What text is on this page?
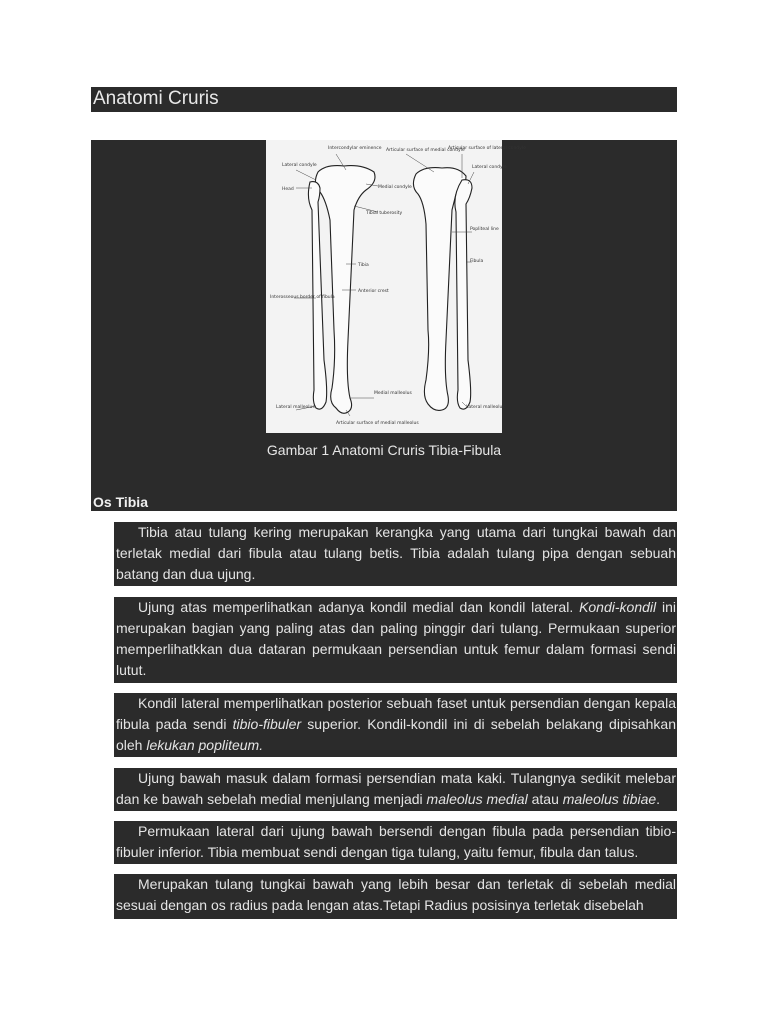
Anatomi Cruris
Intercondylar eminence Articular surface of medial condyle
Articular surface of lateral condyle
Lateral condyle	Lateral condyle
Head	Medial condyle
Tibial tuberosity
Popliteal line
Tibia
Fibula
Anterior crest
Interosseous border of fibula
Medial malleolus
Lateral malleolus	Lateral malleolus
Articular surface of medial malleolus
Gambar 1 Anatomi Cruris Tibia-Fibula
Os Tibia
Tibia atau tulang kering merupakan kerangka yang utama dari tungkai bawah dan terletak medial dari fibula atau tulang betis. Tibia adalah tulang pipa dengan sebuah batang dan dua ujung.
Ujung atas memperlihatkan adanya kondil medial dan kondil lateral. Kondi-kondil ini merupakan bagian yang paling atas dan paling pinggir dari tulang. Permukaan superior memperlihatkkan dua dataran permukaan persendian untuk femur dalam formasi sendi lutut.
Kondil lateral memperlihatkan posterior sebuah faset untuk persendian dengan kepala fibula pada sendi tibio-fibuler superior. Kondil-kondil ini di sebelah belakang dipisahkan oleh lekukan popliteum.
Ujung bawah masuk dalam formasi persendian mata kaki. Tulangnya sedikit melebar dan ke bawah sebelah medial menjulang menjadi maleolus medial atau maleolus tibiae.
Permukaan lateral dari ujung bawah bersendi dengan fibula pada persendian tibio-fibuler inferior. Tibia membuat sendi dengan tiga tulang, yaitu femur, fibula dan talus.
Merupakan tulang tungkai bawah yang lebih besar dan terletak di sebelah medial sesuai dengan os radius pada lengan atas.Tetapi Radius posisinya terletak disebelah
